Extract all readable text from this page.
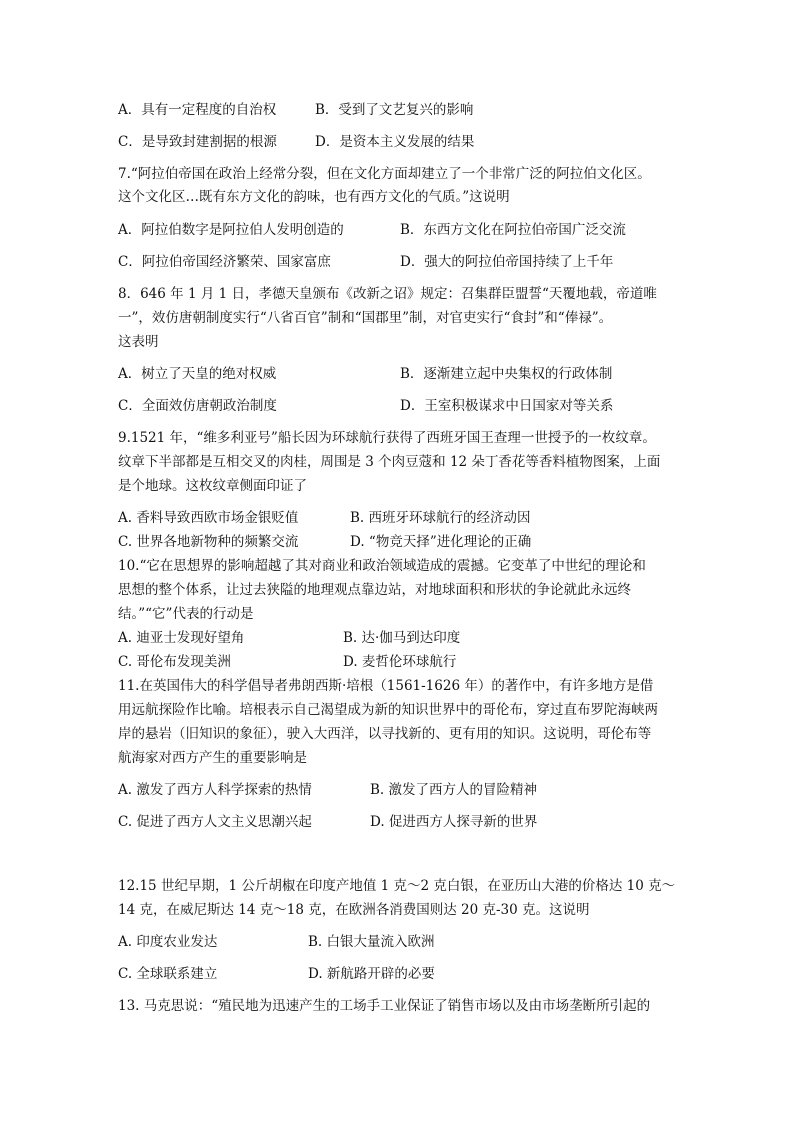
A．具有一定程度的自治权	B．受到了文艺复兴的影响
C．是导致封建割据的根源	D．是资本主义发展的结果
7.“阿拉伯帝国在政治上经常分裂，但在文化方面却建立了一个非常广泛的阿拉伯文化区。
这个文化区…既有东方文化的韵味，也有西方文化的气质。”这说明
A．阿拉伯数字是阿拉伯人发明创造的	B．东西方文化在阿拉伯帝国广泛交流
C．阿拉伯帝国经济繁荣、国家富庶	D．强大的阿拉伯帝国持续了上千年
8．646 年 1 月 1 日，孝德天皇颁布《改新之诏》规定：召集群臣盟誓“天覆地载，帝道唯
一”，效仿唐朝制度实行“八省百官”制和“国郡里”制，对官吏实行“食封”和“俸禄”。
这表明
A．树立了天皇的绝对权威	B．逐渐建立起中央集权的行政体制
C．全面效仿唐朝政治制度	D．王室积极谋求中日国家对等关系
9.1521 年，“维多利亚号”船长因为环球航行获得了西班牙国王查理一世授予的一枚纹章。
纹章下半部都是互相交叉的肉桂，周围是 3 个肉豆蔻和 12 朵丁香花等香料植物图案，上面
是个地球。这枚纹章侧面印证了
A. 香料导致西欧市场金银贬值	B. 西班牙环球航行的经济动因
C. 世界各地新物种的频繁交流	D. “物竞天择”进化理论的正确
10.“它在思想界的影响超越了其对商业和政治领域造成的震撼。它变革了中世纪的理论和
思想的整个体系，让过去狭隘的地理观点靠边站，对地球面积和形状的争论就此永远终
结。”“它”代表的行动是
A. 迪亚士发现好望角	B. 达·伽马到达印度
C. 哥伦布发现美洲	D. 麦哲伦环球航行
11.在英国伟大的科学倡导者弗朗西斯·培根（1561-1626 年）的著作中，有许多地方是借
用远航探险作比喻。培根表示自己渴望成为新的知识世界中的哥伦布，穿过直布罗陀海峡两
岸的悬岩（旧知识的象征），驶入大西洋，以寻找新的、更有用的知识。这说明，哥伦布等
航海家对西方产生的重要影响是
A. 激发了西方人科学探索的热情	B. 激发了西方人的冒险精神
C. 促进了西方人文主义思潮兴起	D. 促进西方人探寻新的世界
12.15 世纪早期，1 公斤胡椒在印度产地值 1 克～2 克白银，在亚历山大港的价格达 10 克～
14 克，在威尼斯达 14 克～18 克，在欧洲各消费国则达 20 克-30 克。这说明
A. 印度农业发达	B. 白银大量流入欧洲
C. 全球联系建立	D. 新航路开辟的必要
13. 马克思说：“殖民地为迅速产生的工场手工业保证了销售市场以及由市场垄断所引起的
